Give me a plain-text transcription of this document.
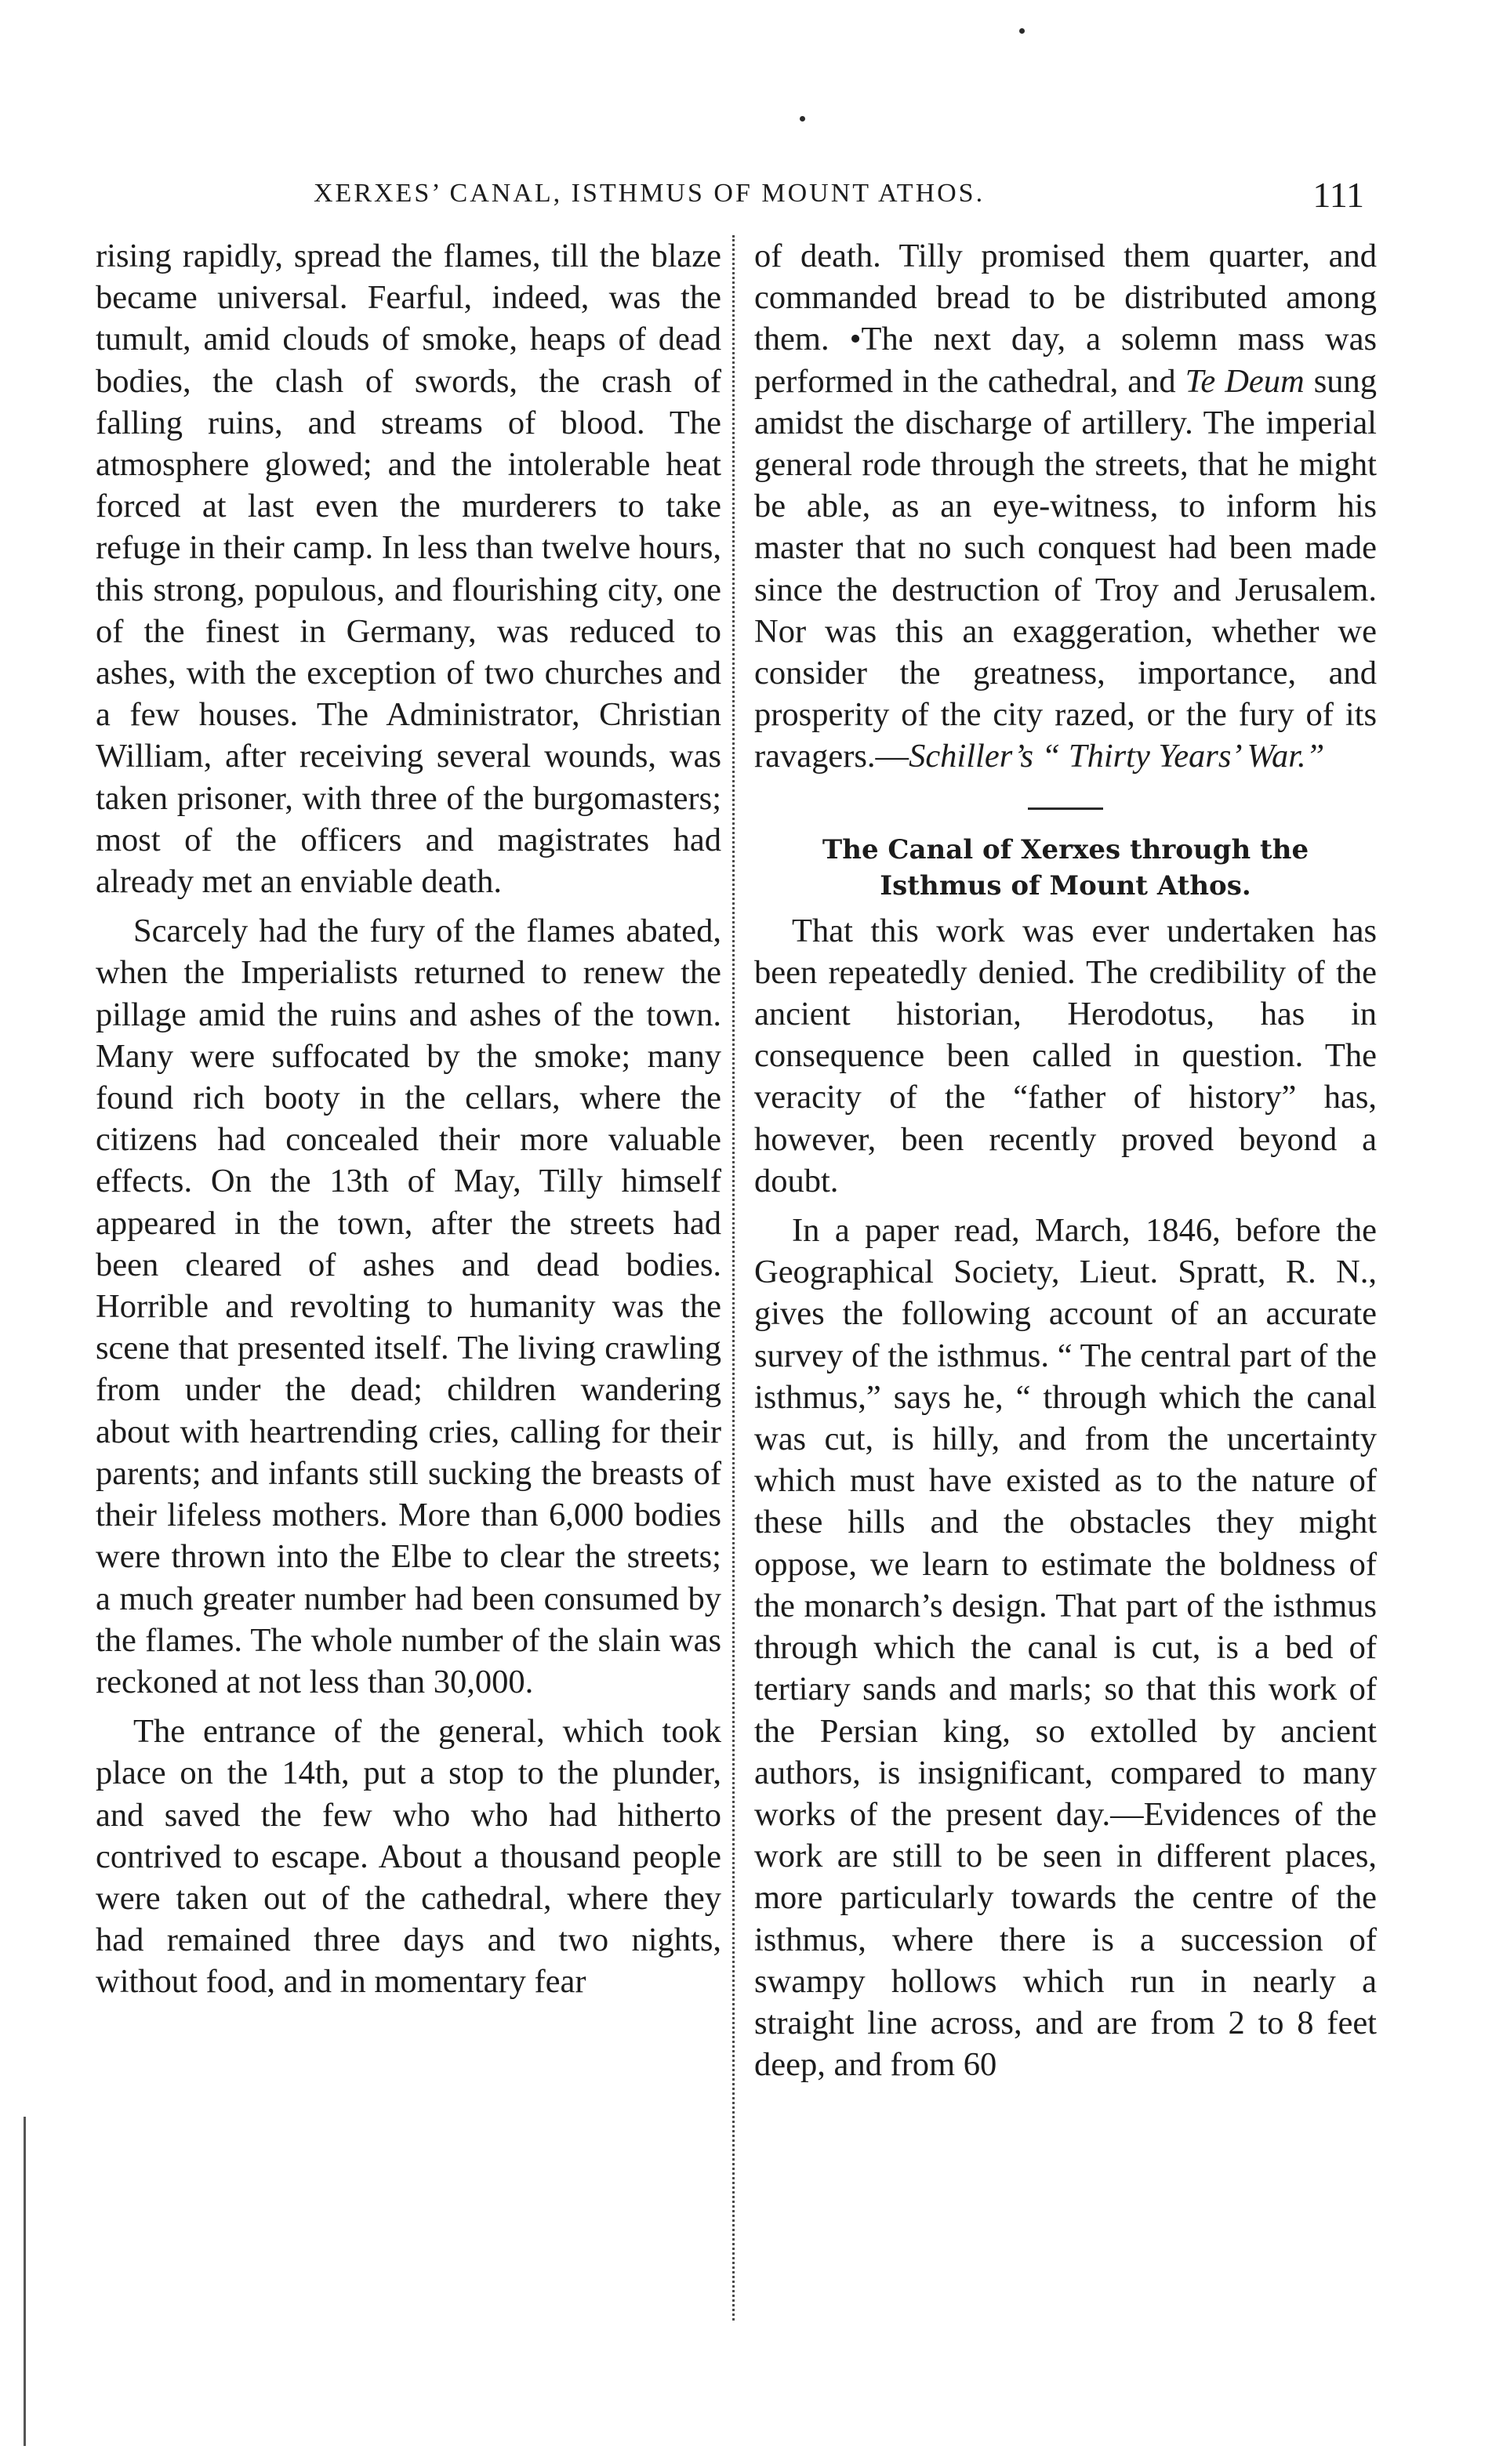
XERXES’ CANAL, ISTHMUS OF MOUNT ATHOS.	111

rising rapidly, spread the flames, till the blaze became universal. Fearful, indeed, was the tumult, amid clouds of smoke, heaps of dead bodies, the clash of swords, the crash of falling ruins, and streams of blood. The atmosphere glowed; and the intolerable heat forced at last even the murderers to take refuge in their camp. In less than twelve hours, this strong, populous, and flourishing city, one of the finest in Germany, was reduced to ashes, with the exception of two churches and a few houses. The Administrator, Christian William, after receiving several wounds, was taken prisoner, with three of the burgomasters; most of the officers and magistrates had already met an enviable death.

Scarcely had the fury of the flames abated, when the Imperialists returned to renew the pillage amid the ruins and ashes of the town. Many were suffocated by the smoke; many found rich booty in the cellars, where the citizens had concealed their more valuable effects. On the 13th of May, Tilly himself appeared in the town, after the streets had been cleared of ashes and dead bodies. Horrible and revolting to humanity was the scene that presented itself. The living crawling from under the dead; children wandering about with heartrending cries, calling for their parents; and infants still sucking the breasts of their lifeless mothers. More than 6,000 bodies were thrown into the Elbe to clear the streets; a much greater number had been consumed by the flames. The whole number of the slain was reckoned at not less than 30,000.

The entrance of the general, which took place on the 14th, put a stop to the plunder, and saved the few who who had hitherto contrived to escape. About a thousand people were taken out of the cathedral, where they had remained three days and two nights, without food, and in momentary fear

of death. Tilly promised them quarter, and commanded bread to be distributed among them. •The next day, a solemn mass was performed in the cathedral, and Te Deum sung amidst the discharge of artillery. The imperial general rode through the streets, that he might be able, as an eye-witness, to inform his master that no such conquest had been made since the destruction of Troy and Jerusalem. Nor was this an exaggeration, whether we consider the greatness, importance, and prosperity of the city razed, or the fury of its ravagers.—Schiller’s “ Thirty Years’ War.”

The Canal of Xerxes through the
Isthmus of Mount Athos.

That this work was ever undertaken has been repeatedly denied. The credibility of the ancient historian, Herodotus, has in consequence been called in question. The veracity of the “father of history” has, however, been recently proved beyond a doubt.

In a paper read, March, 1846, before the Geographical Society, Lieut. Spratt, R. N., gives the following account of an accurate survey of the isthmus. “ The central part of the isthmus,” says he, “ through which the canal was cut, is hilly, and from the uncertainty which must have existed as to the nature of these hills and the obstacles they might oppose, we learn to estimate the boldness of the monarch’s design. That part of the isthmus through which the canal is cut, is a bed of tertiary sands and marls; so that this work of the Persian king, so extolled by ancient authors, is insignificant, compared to many works of the present day.—Evidences of the work are still to be seen in different places, more particularly towards the centre of the isthmus, where there is a succession of swampy hollows which run in nearly a straight line across, and are from 2 to 8 feet deep, and from 60
